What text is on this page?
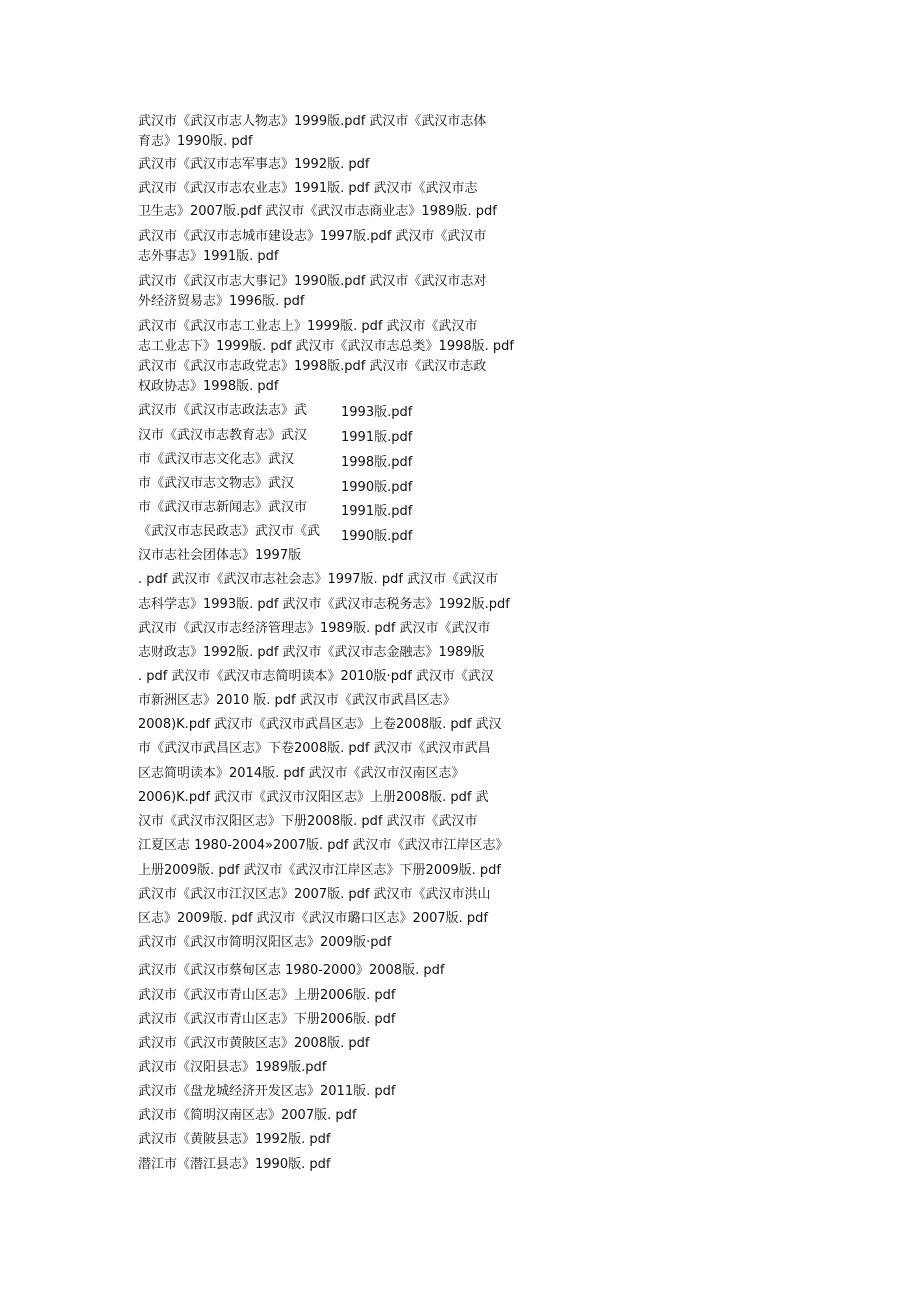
武汉市《武汉市志人物志》1999版.pdf 武汉市《武汉市志体
育志》1990版. pdf
武汉市《武汉市志军事志》1992版. pdf
武汉市《武汉市志农业志》1991版. pdf 武汉市《武汉市志
卫生志》2007版.pdf 武汉市《武汉市志商业志》1989版. pdf
武汉市《武汉市志城市建设志》1997版.pdf 武汉市《武汉市
志外事志》1991版. pdf
武汉市《武汉市志大事记》1990版.pdf 武汉市《武汉市志对
外经济贸易志》1996版. pdf
武汉市《武汉市志工业志上》1999版. pdf 武汉市《武汉市
志工业志下》1999版. pdf 武汉市《武汉市志总类》1998版. pdf
武汉市《武汉市志政党志》1998版.pdf 武汉市《武汉市志政
权政协志》1998版. pdf
武汉市《武汉市志政法志》武
汉市《武汉市志教育志》武汉
市《武汉市志文化志》武汉
市《武汉市志文物志》武汉
市《武汉市志新闻志》武汉市
《武汉市志民政志》武汉市《武
汉市志社会团体志》1997版
1993版.pdf
1991版.pdf
1998版.pdf
1990版.pdf
1991版.pdf
1990版.pdf
. pdf 武汉市《武汉市志社会志》1997版. pdf 武汉市《武汉市
志科学志》1993版. pdf 武汉市《武汉市志税务志》1992版.pdf
武汉市《武汉市志经济管理志》1989版. pdf 武汉市《武汉市
志财政志》1992版. pdf 武汉市《武汉市志金融志》1989版
. pdf 武汉市《武汉市志简明读本》2010版·pdf 武汉市《武汉
市新洲区志》2010 版. pdf 武汉市《武汉市武昌区志》
2008)K.pdf 武汉市《武汉市武昌区志》上卷2008版. pdf 武汉
市《武汉市武昌区志》下卷2008版. pdf 武汉市《武汉市武昌
区志简明读本》2014版. pdf 武汉市《武汉市汉南区志》
2006)K.pdf 武汉市《武汉市汉阳区志》上册2008版. pdf 武
汉市《武汉市汉阳区志》下册2008版. pdf 武汉市《武汉市
江夏区志 1980-2004»2007版. pdf 武汉市《武汉市江岸区志》
上册2009版. pdf 武汉市《武汉市江岸区志》下册2009版. pdf
武汉市《武汉市江汉区志》2007版. pdf 武汉市《武汉市洪山
区志》2009版. pdf 武汉市《武汉市璐口区志》2007版. pdf
武汉市《武汉市简明汉阳区志》2009版·pdf
武汉市《武汉市蔡甸区志 1980-2000》2008版. pdf
武汉市《武汉市青山区志》上册2006版. pdf
武汉市《武汉市青山区志》下册2006版. pdf
武汉市《武汉市黄陂区志》2008版. pdf
武汉市《汉阳县志》1989版.pdf
武汉市《盘龙城经济开发区志》2011版. pdf
武汉市《简明汉南区志》2007版. pdf
武汉市《黄陂县志》1992版. pdf
潜江市《潜江县志》1990版. pdf
